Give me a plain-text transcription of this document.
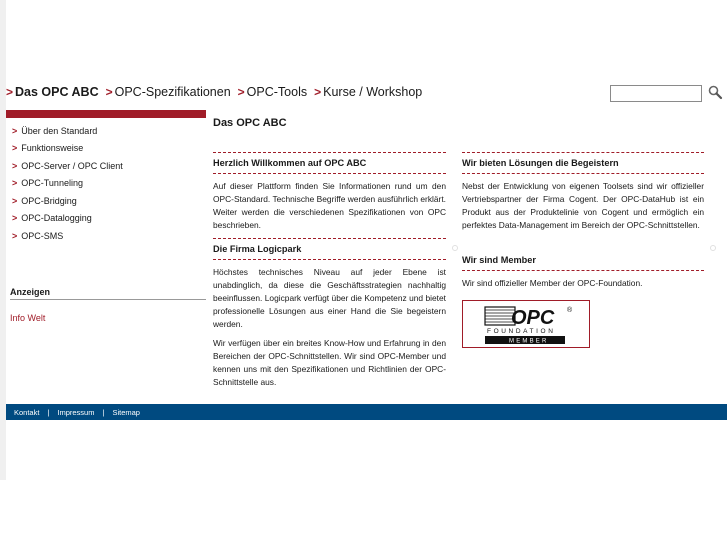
> Das OPC ABC > OPC-Spezifikationen > OPC-Tools > Kurse / Workshop
> Über den Standard
> Funktionsweise
> OPC-Server / OPC Client
> OPC-Tunneling
> OPC-Bridging
> OPC-Datalogging
> OPC-SMS
Anzeigen
Info Welt
Das OPC ABC
Herzlich Willkommen auf OPC ABC

Auf dieser Plattform finden Sie Informationen rund um den OPC-Standard. Technische Begriffe werden ausführlich erklärt. Weiter werden die verschiedenen Spezifikationen von OPC beschrieben.

Die Firma Logicpark

Höchstes technisches Niveau auf jeder Ebene ist unabdinglich, da diese die Geschäftsstrategien nachhaltig beeinflussen. Logicpark verfügt über die Kompetenz und bietet professionelle Lösungen aus einer Hand die Sie begeistern werden.

Wir verfügen über ein breites Know-How und Erfahrung in den Bereichen der OPC-Schnittstellen. Wir sind OPC-Member und kennen uns mit den Spezifikationen und Richtlinien der OPC-Schnittstelle aus.

Wir bieten Lösungen die Begeistern

Nebst der Entwicklung von eigenen Toolsets sind wir offizieller Vertriebspartner der Firma Cogent. Der OPC-DataHub ist ein Produkt aus der Produktelinie von Cogent und ermöglich ein perfektes Data-Management im Bereich der OPC-Schnittstellen.

Wir sind Member

Wir sind offizieller Member der OPC-Foundation.

OPC ®
FOUNDATION
MEMBER
Kontakt	|	Impressum	|	Sitemap
